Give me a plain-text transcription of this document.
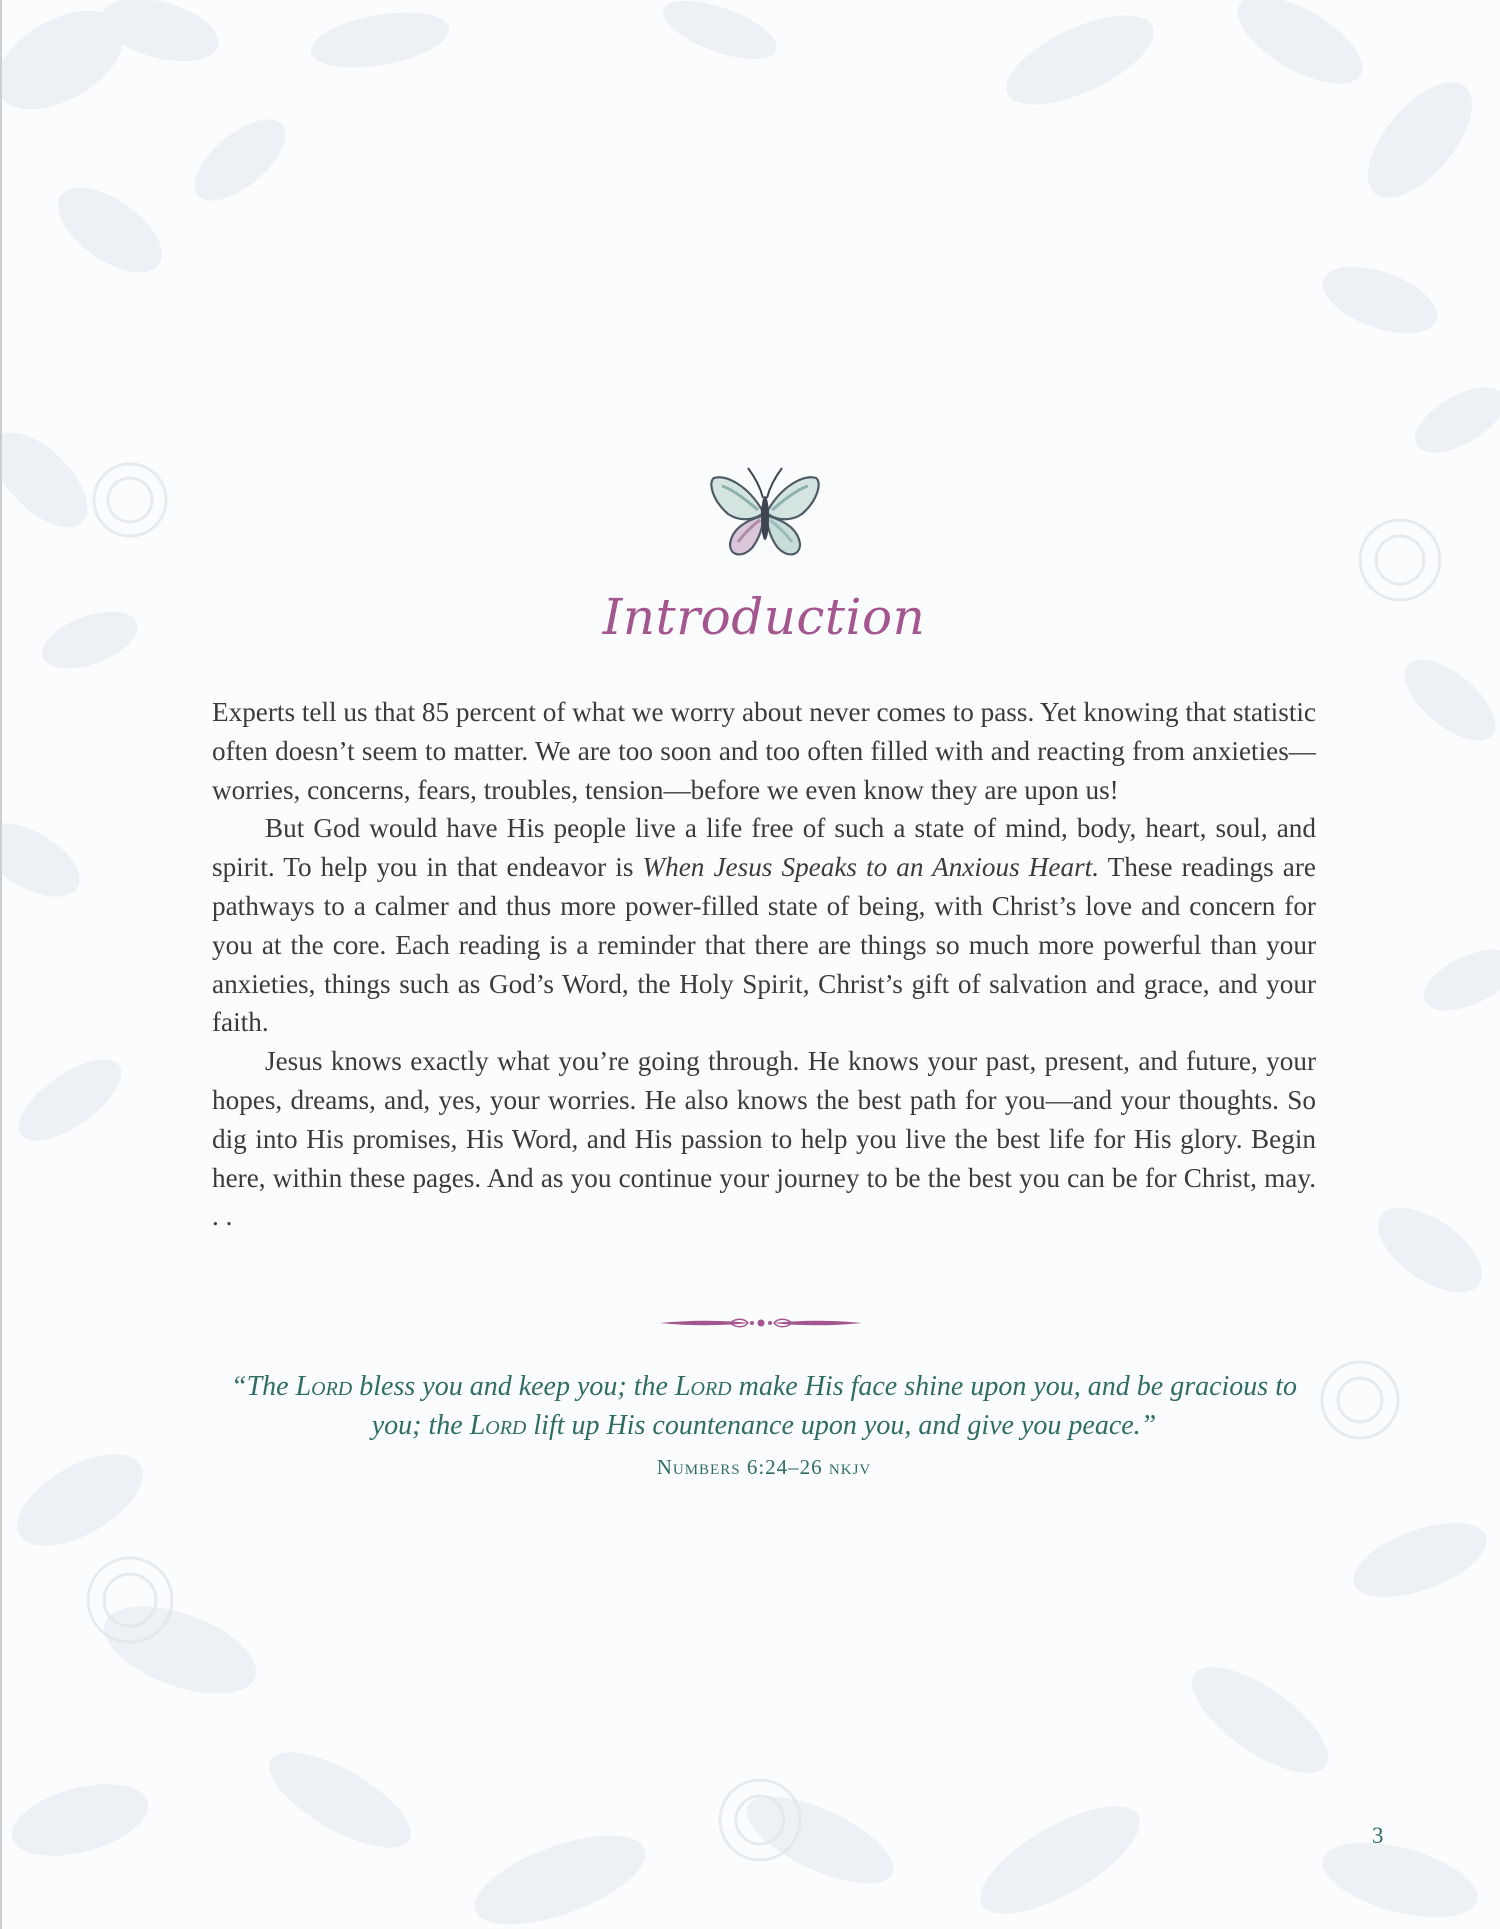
Introduction

Experts tell us that 85 percent of what we worry about never comes to pass. Yet knowing that statistic often doesn’t seem to matter. We are too soon and too often filled with and reacting from anxieties—worries, concerns, fears, troubles, tension—before we even know they are upon us!

But God would have His people live a life free of such a state of mind, body, heart, soul, and spirit. To help you in that endeavor is When Jesus Speaks to an Anxious Heart. These readings are pathways to a calmer and thus more power-filled state of being, with Christ’s love and concern for you at the core. Each reading is a reminder that there are things so much more powerful than your anxieties, things such as God’s Word, the Holy Spirit, Christ’s gift of salvation and grace, and your faith.

Jesus knows exactly what you’re going through. He knows your past, present, and future, your hopes, dreams, and, yes, your worries. He also knows the best path for you—and your thoughts. So dig into His promises, His Word, and His passion to help you live the best life for His glory. Begin here, within these pages. And as you continue your journey to be the best you can be for Christ, may. . .

“The Lord bless you and keep you; the Lord make His face shine upon you, and be gracious to you; the Lord lift up His countenance upon you, and give you peace.”
Numbers 6:24–26 nkjv
3
